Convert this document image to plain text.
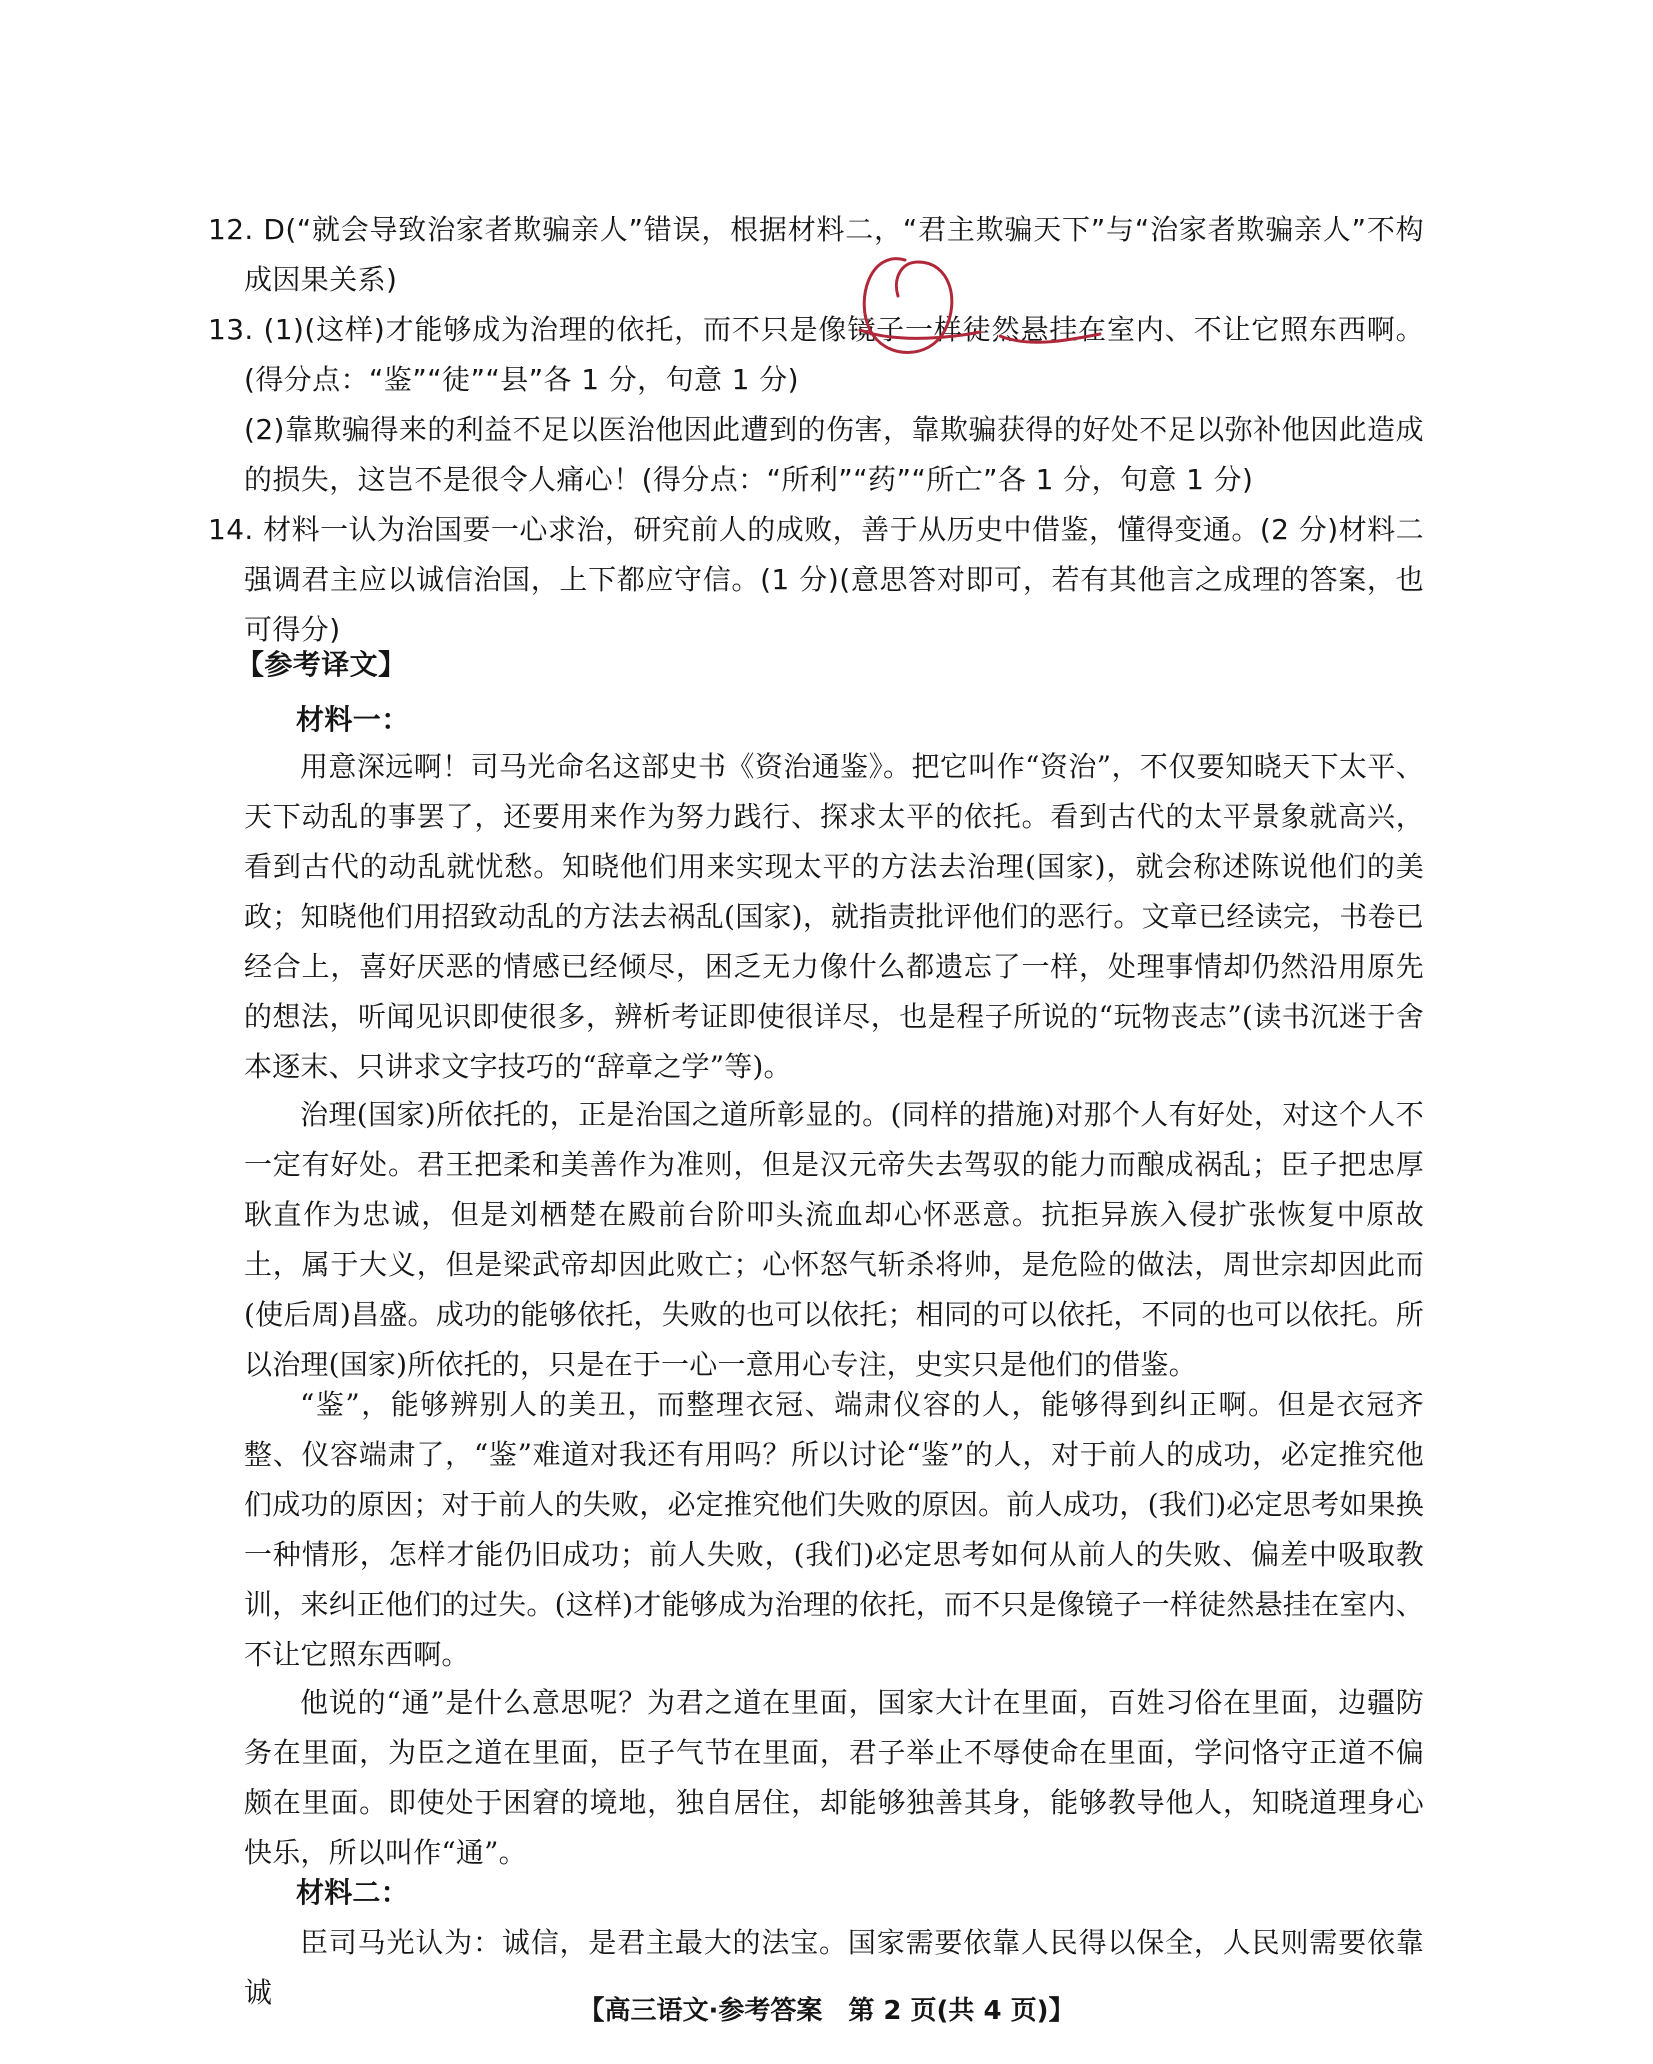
12. D(“就会导致治家者欺骗亲人”错误，根据材料二，“君主欺骗天下”与“治家者欺骗亲人”不构成因果关系)

13. (1)(这样)才能够成为治理的依托，而不只是像镜子一样徒然悬挂在室内、不让它照东西啊。(得分点：“鉴”“徒”“县”各 1 分，句意 1 分)

(2)靠欺骗得来的利益不足以医治他因此遭到的伤害，靠欺骗获得的好处不足以弥补他因此造成的损失，这岂不是很令人痛心！(得分点：“所利”“药”“所亡”各 1 分，句意 1 分)

14. 材料一认为治国要一心求治，研究前人的成败，善于从历史中借鉴，懂得变通。(2 分)材料二强调君主应以诚信治国，上下都应守信。(1 分)(意思答对即可，若有其他言之成理的答案，也可得分)

【参考译文】

材料一：

用意深远啊！司马光命名这部史书《资治通鉴》。把它叫作“资治”，不仅要知晓天下太平、天下动乱的事罢了，还要用来作为努力践行、探求太平的依托。看到古代的太平景象就高兴，看到古代的动乱就忧愁。知晓他们用来实现太平的方法去治理(国家)，就会称述陈说他们的美政；知晓他们用招致动乱的方法去祸乱(国家)，就指责批评他们的恶行。文章已经读完，书卷已经合上，喜好厌恶的情感已经倾尽，困乏无力像什么都遗忘了一样，处理事情却仍然沿用原先的想法，听闻见识即使很多，辨析考证即使很详尽，也是程子所说的“玩物丧志”(读书沉迷于舍本逐末、只讲求文字技巧的“辞章之学”等)。

治理(国家)所依托的，正是治国之道所彰显的。(同样的措施)对那个人有好处，对这个人不一定有好处。君王把柔和美善作为准则，但是汉元帝失去驾驭的能力而酿成祸乱；臣子把忠厚耿直作为忠诚，但是刘栖楚在殿前台阶叩头流血却心怀恶意。抗拒异族入侵扩张恢复中原故土，属于大义，但是梁武帝却因此败亡；心怀怒气斩杀将帅，是危险的做法，周世宗却因此而(使后周)昌盛。成功的能够依托，失败的也可以依托；相同的可以依托，不同的也可以依托。所以治理(国家)所依托的，只是在于一心一意用心专注，史实只是他们的借鉴。

“鉴”，能够辨别人的美丑，而整理衣冠、端肃仪容的人，能够得到纠正啊。但是衣冠齐整、仪容端肃了，“鉴”难道对我还有用吗？所以讨论“鉴”的人，对于前人的成功，必定推究他们成功的原因；对于前人的失败，必定推究他们失败的原因。前人成功，(我们)必定思考如果换一种情形，怎样才能仍旧成功；前人失败，(我们)必定思考如何从前人的失败、偏差中吸取教训，来纠正他们的过失。(这样)才能够成为治理的依托，而不只是像镜子一样徒然悬挂在室内、不让它照东西啊。

他说的“通”是什么意思呢？为君之道在里面，国家大计在里面，百姓习俗在里面，边疆防务在里面，为臣之道在里面，臣子气节在里面，君子举止不辱使命在里面，学问恪守正道不偏颇在里面。即使处于困窘的境地，独自居住，却能够独善其身，能够教导他人，知晓道理身心快乐，所以叫作“通”。

材料二：

臣司马光认为：诚信，是君主最大的法宝。国家需要依靠人民得以保全，人民则需要依靠诚

【高三语文·参考答案　第 2 页(共 4 页)】
